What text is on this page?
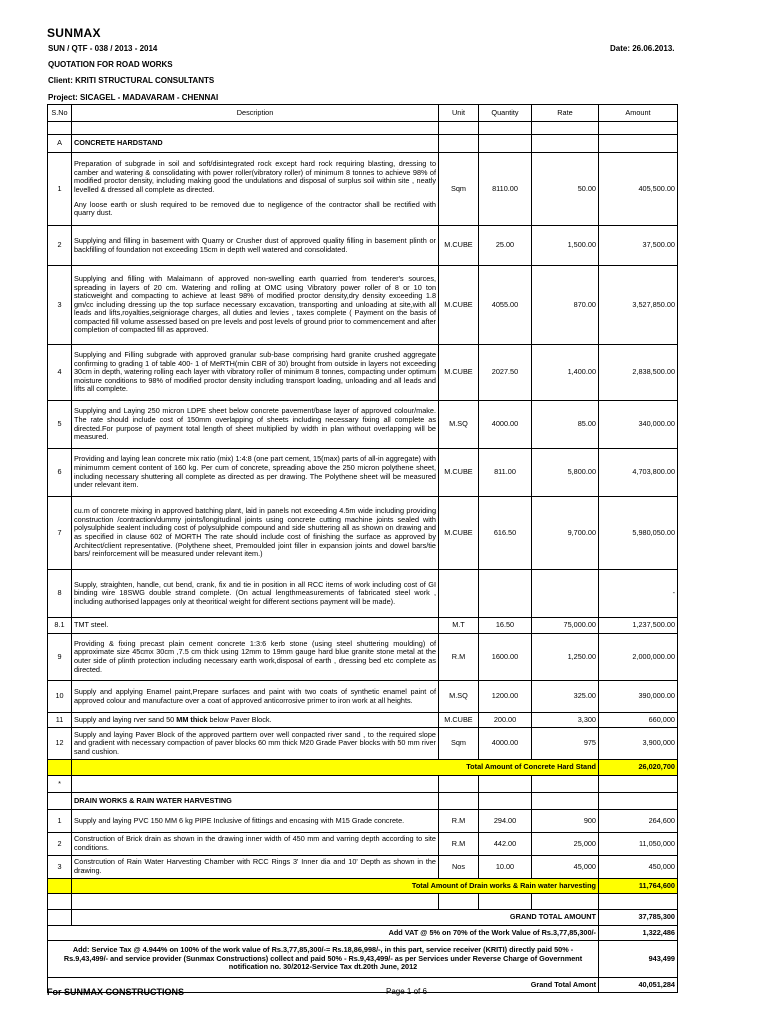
SUNMAX
SUN / QTF - 038 / 2013 - 2014	Date: 26.06.2013.
QUOTATION FOR ROAD WORKS
Client: KRITI STRUCTURAL CONSULTANTS
Project: SICAGEL - MADAVARAM - CHENNAI
S.No	Description	Unit	Quantity	Rate	Amount

A	CONCRETE HARDSTAND				
1	Preparation of subgrade in soil and soft/disintegrated rock except hard rock requiring blasting, dressing to camber and watering & consolidating with power roller(vibratory roller) of minimum 8 tonnes to achieve 98% of modified proctor density, including making good the undulations and disposal of surplus soil within site , neatly levelled & dressed all complete as directed.

Any loose earth or slush required to be removed due to negligence of the contractor shall be rectified with quarry dust.	Sqm	8110.00	50.00	405,500.00
2	Supplying and filling in basement with Quarry or Crusher dust of approved quality filling in basement plinth or backfilling of foundation not exceeding 15cm in depth well watered and consolidated.	M.CUBE	25.00	1,500.00	37,500.00
3	Supplying and filling with Malaimann of approved non-swelling earth quarried from tenderer's sources, spreading in layers of 20 cm. Watering and rolling at OMC using Vibratory power roller of 8 or 10 ton staticweight and compacting to achieve at least 98% of modified proctor density,dry density exceeding 1.8 gm/cc including dressing up the top surface necessary excavation, transporting and unloading at site,with all leads and lifts,royalties,seigniorage charges, all duties and levies , taxes complete ( Payment on the basis of compacted fill volume assessed based on pre levels and post levels of ground prior to commencement and after completion of compacted fill as approved.	M.CUBE	4055.00	870.00	3,527,850.00
4	Supplying and Filling subgrade with approved granular sub-base comprising hard granite crushed aggregate confirming to grading 1 of table 400- 1 of MeRTH(min CBR of 30) brought from outside in layers not exceeding 30cm in depth, watering rolling each layer with vibratory roller of minimum 8 tonnes, compacting under optimum moisture conditions to 98% of modified proctor density including transport loading, unloading and all leads and lifts all complete.	M.CUBE	2027.50	1,400.00	2,838,500.00
5	Supplying and Laying 250 micron LDPE sheet below concrete pavement/base layer of approved colour/make. The rate should include cost of 150mm overlapping of sheets including necessary fixing all complete as directed.For purpose of payment total length of sheet multiplied by width in plan without overlapping will be measured.	M.SQ	4000.00	85.00	340,000.00
6	Providing and laying lean concrete mix ratio (mix) 1:4:8 (one part cement, 15(max) parts of all-in aggregate) with minimumm cement content of 160 kg. Per cum of concrete, spreading above the 250 micron polythene sheet, including necessary shuttering all complete as directed as per drawing. The Polythene sheet will be measured under relevant item.	M.CUBE	811.00	5,800.00	4,703,800.00
7	cu.m of concrete mixing in approved batching plant, laid in panels not exceeding 4.5m wide including providing construction /contraction/dummy joints/longitudinal joints using concrete cutting machine joints sealed with polysulphide sealent including cost of polysulphide compound and side shuttering all as shown on drawing and as specified in clause 602 of MORTH The rate should include cost of finishing the surface as approved by Architect/client representative. (Polythene sheet, Premoulded joint filler in expansion joints and dowel bars/tie bars/ reinforcement will be measured under relevant item.)	M.CUBE	616.50	9,700.00	5,980,050.00
8	Supply, straighten, handle, cut bend, crank, fix and tie in position in all RCC items of work including cost of GI binding wire 18SWG double strand complete. (On actual lengthmeasurements of fabricated steel work , including authorised lappages only at theoritical weight for different sections payment will be made).				-
8.1	TMT steel.	M.T	16.50	75,000.00	1,237,500.00
9	Providing & fixing precast plain cement concrete 1:3:6 kerb stone (using steel shuttering moulding) of approximate size 45cmx 30cm ,7.5 cm thick using 12mm to 19mm gauge hard blue granite stone metal at the outer side of plinth protection including necessary earth work,disposal of earth , dressing bed etc complete as directed.	R.M	1600.00	1,250.00	2,000,000.00
10	Supply and applying Enamel paint,Prepare surfaces and paint with two coats of synthetic enamel paint of approved colour and manufacture over a coat of approved anticorrosive primer to iron work at all heights.	M.SQ	1200.00	325.00	390,000.00
11	Supply and laying rver sand 50 MM thick below Paver Block.	M.CUBE	200.00	3,300	660,000
12	Supply and laying Paver Block of the approved parttern over well conpacted river sand , to the required slope and gradient with necessary compaction of paver blocks 60 mm thick M20 Grade Paver blocks with 50 mm river sand cushion.	Sqm	4000.00	975	3,900,000
	Total Amount of Concrete Hard Stand				26,020,700
*					
	DRAIN WORKS & RAIN WATER HARVESTING				
1	Supply and laying PVC 150 MM 6 kg PIPE Inclusive of fittings and encasing with M15 Grade concrete.	R.M	294.00	900	264,600
2	Construction of Brick drain as shown in the drawing inner width of 450 mm and varring depth according to site conditions.	R.M	442.00	25,000	11,050,000
3	Constrcution of Rain Water Harvesting Chamber with RCC Rings 3' Inner dia and 10' Depth as shown in the drawing.	Nos	10.00	45,000	450,000
	Total Amount of Drain works & Rain water harvesting				11,764,600

	GRAND TOTAL AMOUNT				37,785,300
Add VAT @ 5% on 70% of the Work Value of Rs.3,77,85,300/-					1,322,486
Add: Service Tax @ 4.944% on 100% of the work value of Rs.3,77,85,300/-= Rs.18,86,998/-, in this part, service receiver (KRITI) directly paid 50% - Rs.9,43,499/- and service provider (Sunmax Constructions) collect and paid 50% - Rs.9,43,499/- as per Services under Reverse Charge of Government notification no. 30/2012-Service Tax dt.20th June, 2012					943,499
Grand Total Amont					40,051,284
For SUNMAX CONSTRUCTIONS	Page 1 of 6
